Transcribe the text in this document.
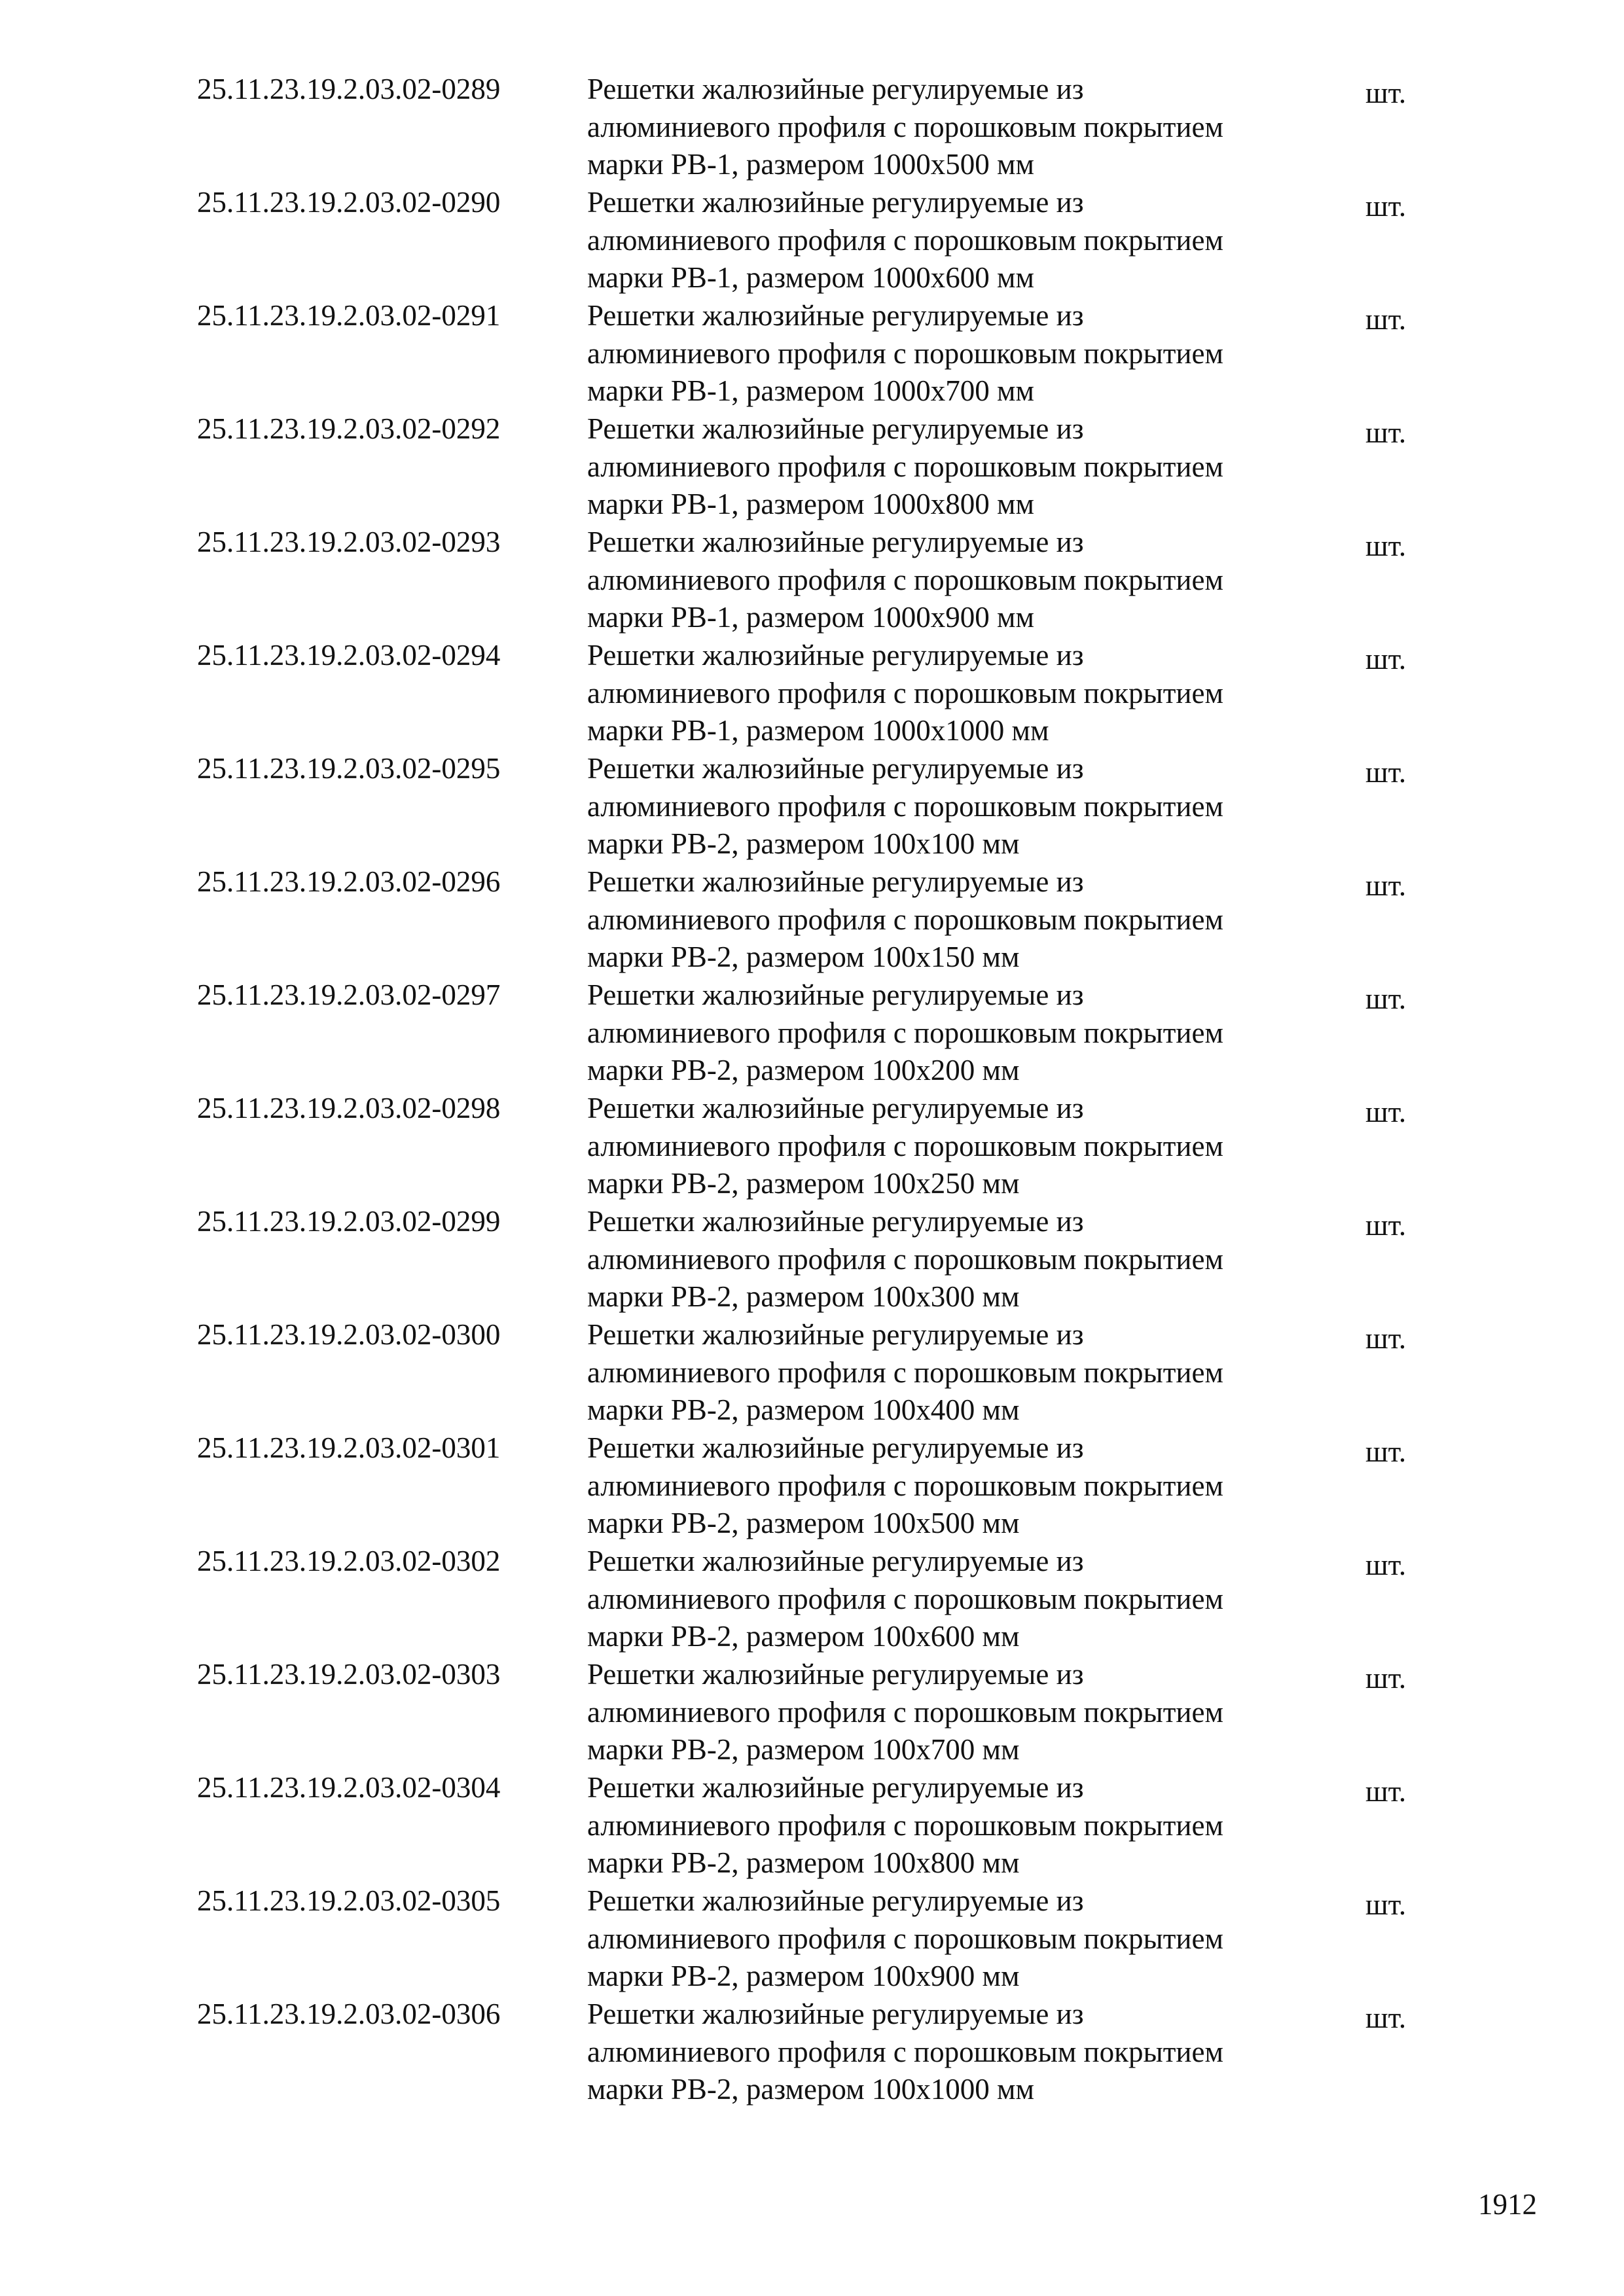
25.11.23.19.2.03.02-0289	Решетки жалюзийные регулируемые из
алюминиевого профиля с порошковым покрытием
марки РВ-1, размером 1000х500 мм
шт.
25.11.23.19.2.03.02-0290	Решетки жалюзийные регулируемые из
алюминиевого профиля с порошковым покрытием
марки РВ-1, размером 1000х600 мм
шт.
25.11.23.19.2.03.02-0291	Решетки жалюзийные регулируемые из
алюминиевого профиля с порошковым покрытием
марки РВ-1, размером 1000х700 мм
шт.
25.11.23.19.2.03.02-0292	Решетки жалюзийные регулируемые из
алюминиевого профиля с порошковым покрытием
марки РВ-1, размером 1000х800 мм
шт.
25.11.23.19.2.03.02-0293	Решетки жалюзийные регулируемые из
алюминиевого профиля с порошковым покрытием
марки РВ-1, размером 1000х900 мм
шт.
25.11.23.19.2.03.02-0294	Решетки жалюзийные регулируемые из
алюминиевого профиля с порошковым покрытием
марки РВ-1, размером 1000х1000 мм
шт.
25.11.23.19.2.03.02-0295	Решетки жалюзийные регулируемые из
алюминиевого профиля с порошковым покрытием
марки РВ-2, размером 100х100 мм
шт.
25.11.23.19.2.03.02-0296	Решетки жалюзийные регулируемые из
алюминиевого профиля с порошковым покрытием
марки РВ-2, размером 100х150 мм
шт.
25.11.23.19.2.03.02-0297	Решетки жалюзийные регулируемые из
алюминиевого профиля с порошковым покрытием
марки РВ-2, размером 100х200 мм
шт.
25.11.23.19.2.03.02-0298	Решетки жалюзийные регулируемые из
алюминиевого профиля с порошковым покрытием
марки РВ-2, размером 100х250 мм
шт.
25.11.23.19.2.03.02-0299	Решетки жалюзийные регулируемые из
алюминиевого профиля с порошковым покрытием
марки РВ-2, размером 100х300 мм
шт.
25.11.23.19.2.03.02-0300	Решетки жалюзийные регулируемые из
алюминиевого профиля с порошковым покрытием
марки РВ-2, размером 100х400 мм
шт.
25.11.23.19.2.03.02-0301	Решетки жалюзийные регулируемые из
алюминиевого профиля с порошковым покрытием
марки РВ-2, размером 100х500 мм
шт.
25.11.23.19.2.03.02-0302	Решетки жалюзийные регулируемые из
алюминиевого профиля с порошковым покрытием
марки РВ-2, размером 100х600 мм
шт.
25.11.23.19.2.03.02-0303	Решетки жалюзийные регулируемые из
алюминиевого профиля с порошковым покрытием
марки РВ-2, размером 100х700 мм
шт.
25.11.23.19.2.03.02-0304	Решетки жалюзийные регулируемые из
алюминиевого профиля с порошковым покрытием
марки РВ-2, размером 100х800 мм
шт.
25.11.23.19.2.03.02-0305	Решетки жалюзийные регулируемые из
алюминиевого профиля с порошковым покрытием
марки РВ-2, размером 100х900 мм
шт.
25.11.23.19.2.03.02-0306	Решетки жалюзийные регулируемые из
алюминиевого профиля с порошковым покрытием
марки РВ-2, размером 100х1000 мм
шт.
1912
